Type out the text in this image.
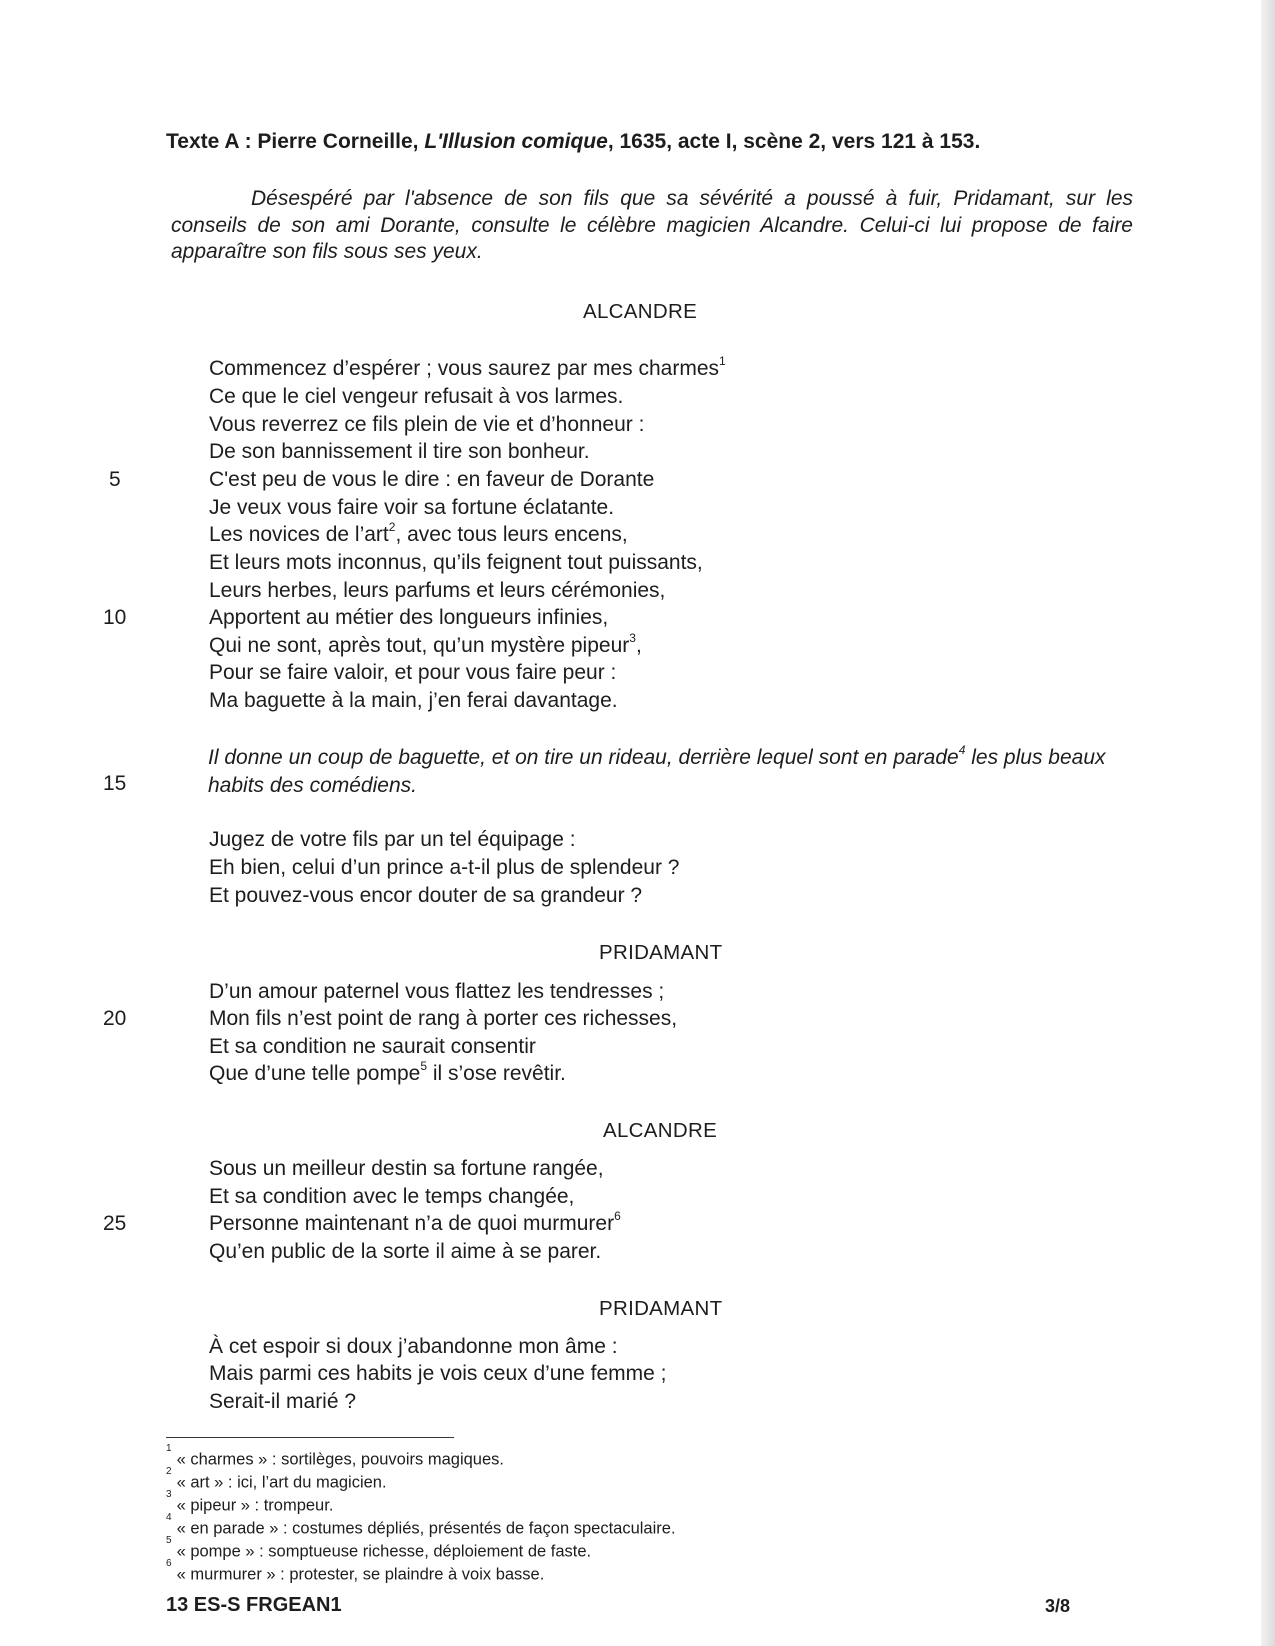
Texte A : Pierre Corneille, L'Illusion comique, 1635, acte I, scène 2, vers 121 à 153.
Désespéré par l'absence de son fils que sa sévérité a poussé à fuir, Pridamant, sur les conseils de son ami Dorante, consulte le célèbre magicien Alcandre. Celui-ci lui propose de faire apparaître son fils sous ses yeux.
ALCANDRE
PRIDAMANT
ALCANDRE
PRIDAMANT
Commencez d’espérer ; vous saurez par mes charmes$^1$
Ce que le ciel vengeur refusait à vos larmes.
Vous reverrez ce fils plein de vie et d’honneur :
De son bannissement il tire son bonheur.
C'est peu de vous le dire : en faveur de Dorante
Je veux vous faire voir sa fortune éclatante.
Les novices de l’art$^2$, avec tous leurs encens,
Et leurs mots inconnus, qu’ils feignent tout puissants,
Leurs herbes, leurs parfums et leurs cérémonies,
Apportent au métier des longueurs infinies,
Qui ne sont, après tout, qu’un mystère pipeur$^3$,
Pour se faire valoir, et pour vous faire peur :
Ma baguette à la main, j’en ferai davantage.
Il donne un coup de baguette, et on tire un rideau, derrière lequel sont en parade$^4$ les plus beaux habits des comédiens.
Jugez de votre fils par un tel équipage :
Eh bien, celui d’un prince a-t-il plus de splendeur ?
Et pouvez-vous encor douter de sa grandeur ?
D’un amour paternel vous flattez les tendresses ;
Mon fils n’est point de rang à porter ces richesses,
Et sa condition ne saurait consentir
Que d’une telle pompe$^5$ il s’ose revêtir.
Sous un meilleur destin sa fortune rangée,
Et sa condition avec le temps changée,
Personne maintenant n’a de quoi murmurer$^6$
Qu’en public de la sorte il aime à se parer.
À cet espoir si doux j’abandonne mon âme :
Mais parmi ces habits je vois ceux d’une femme ;
Serait-il marié ?
5
10
15
20
25
$^1$« charmes » : sortilèges, pouvoirs magiques.
$^2$« art » : ici, l’art du magicien.
$^3$« pipeur » : trompeur.
$^4$« en parade » : costumes dépliés, présentés de façon spectaculaire.
$^5$« pompe » : somptueuse richesse, déploiement de faste.
$^6$« murmurer » : protester, se plaindre à voix basse.
13 ES-S FRGEAN1	3/8
